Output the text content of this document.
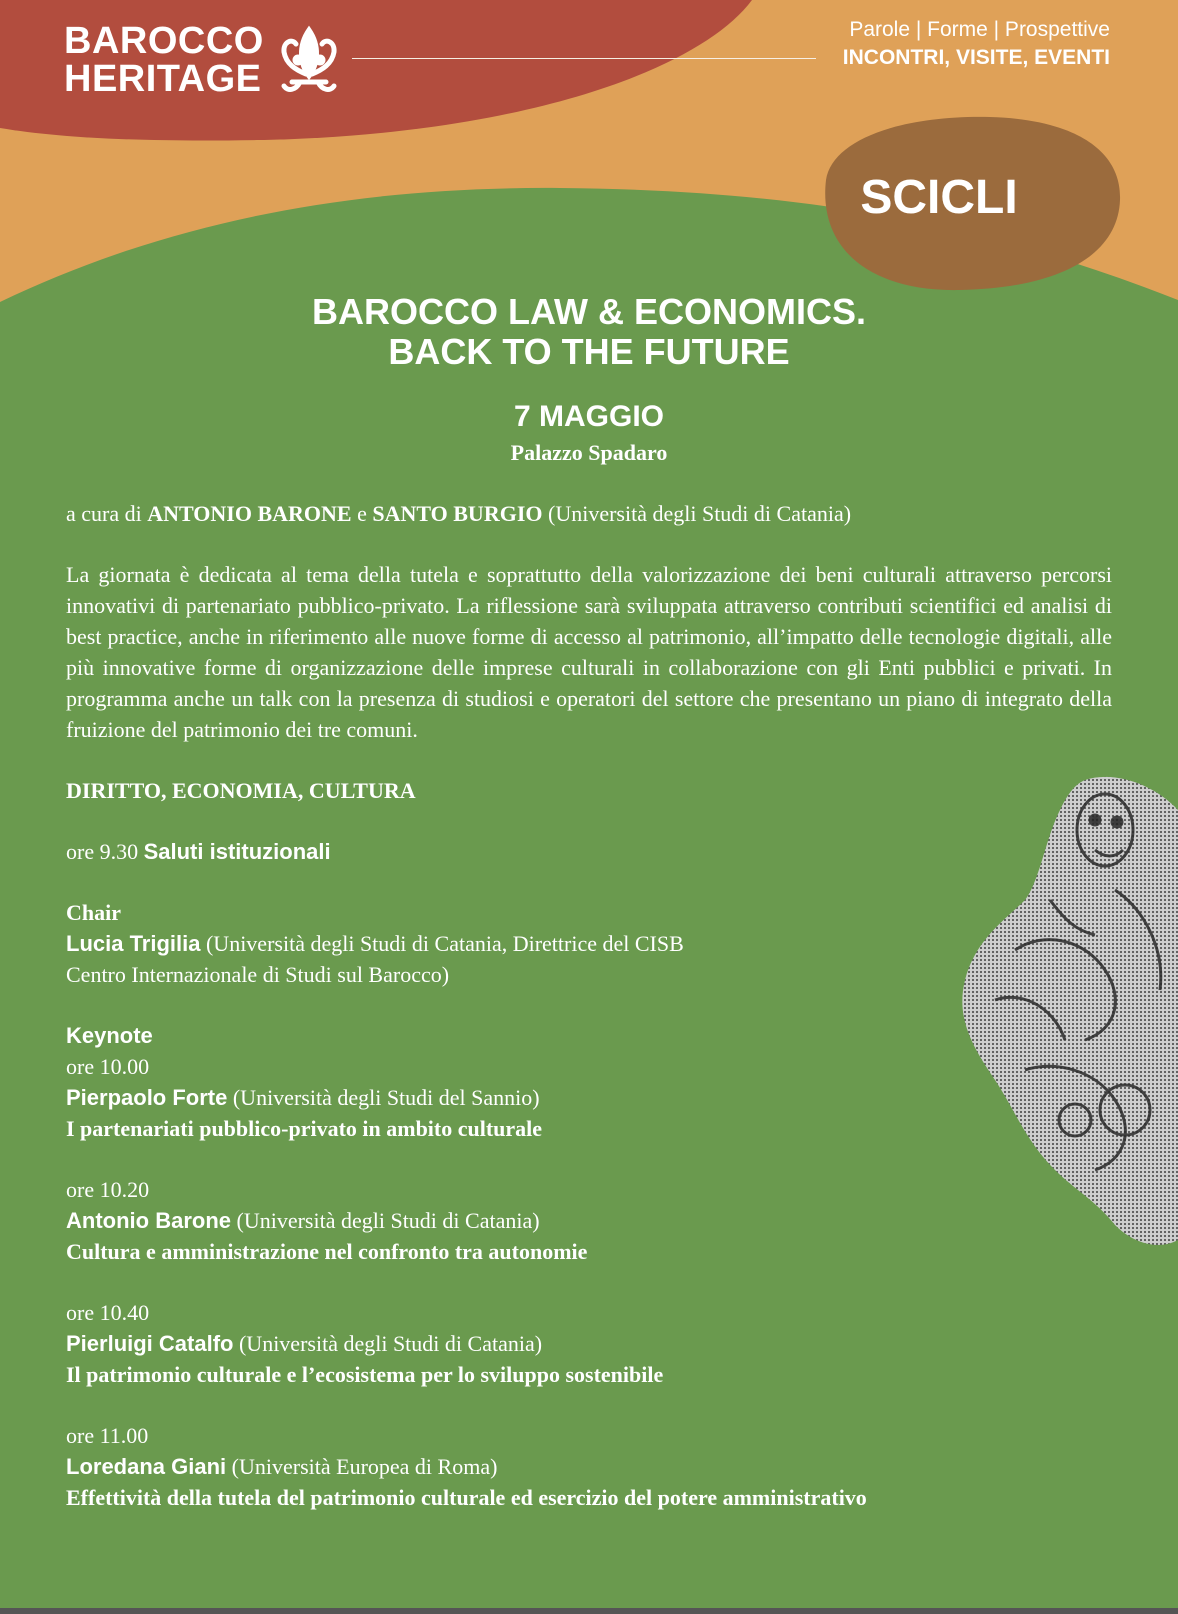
BAROCCO
HERITAGE
Parole | Forme | Prospettive
INCONTRI, VISITE, EVENTI
SCICLI
BAROCCO LAW & ECONOMICS.
BACK TO THE FUTURE
7 MAGGIO
Palazzo Spadaro

a cura di ANTONIO BARONE e SANTO BURGIO (Università degli Studi di Catania)

La giornata è dedicata al tema della tutela e soprattutto della valorizzazione dei beni culturali attraverso percorsi innovativi di partenariato pubblico-privato. La riflessione sarà sviluppata attraverso contributi scientifici ed analisi di best practice, anche in riferimento alle nuove forme di accesso al patrimonio, all’impatto delle tecnologie digitali, alle più innovative forme di organizzazione delle imprese culturali in collaborazione con gli Enti pubblici e privati. In programma anche un talk con la presenza di studiosi e operatori del settore che presentano un piano di integrato della fruizione del patrimonio dei tre comuni.

DIRITTO, ECONOMIA, CULTURA

ore 9.30 Saluti istituzionali

Chair

Lucia Trigilia (Università degli Studi di Catania, Direttrice del CISB

Centro Internazionale di Studi sul Barocco)

Keynote

ore 10.00

Pierpaolo Forte (Università degli Studi del Sannio)

I partenariati pubblico-privato in ambito culturale

ore 10.20

Antonio Barone (Università degli Studi di Catania)

Cultura e amministrazione nel confronto tra autonomie

ore 10.40

Pierluigi Catalfo (Università degli Studi di Catania)

Il patrimonio culturale e l’ecosistema per lo sviluppo sostenibile

ore 11.00

Loredana Giani (Università Europea di Roma)

Effettività della tutela del patrimonio culturale ed esercizio del potere amministrativo
